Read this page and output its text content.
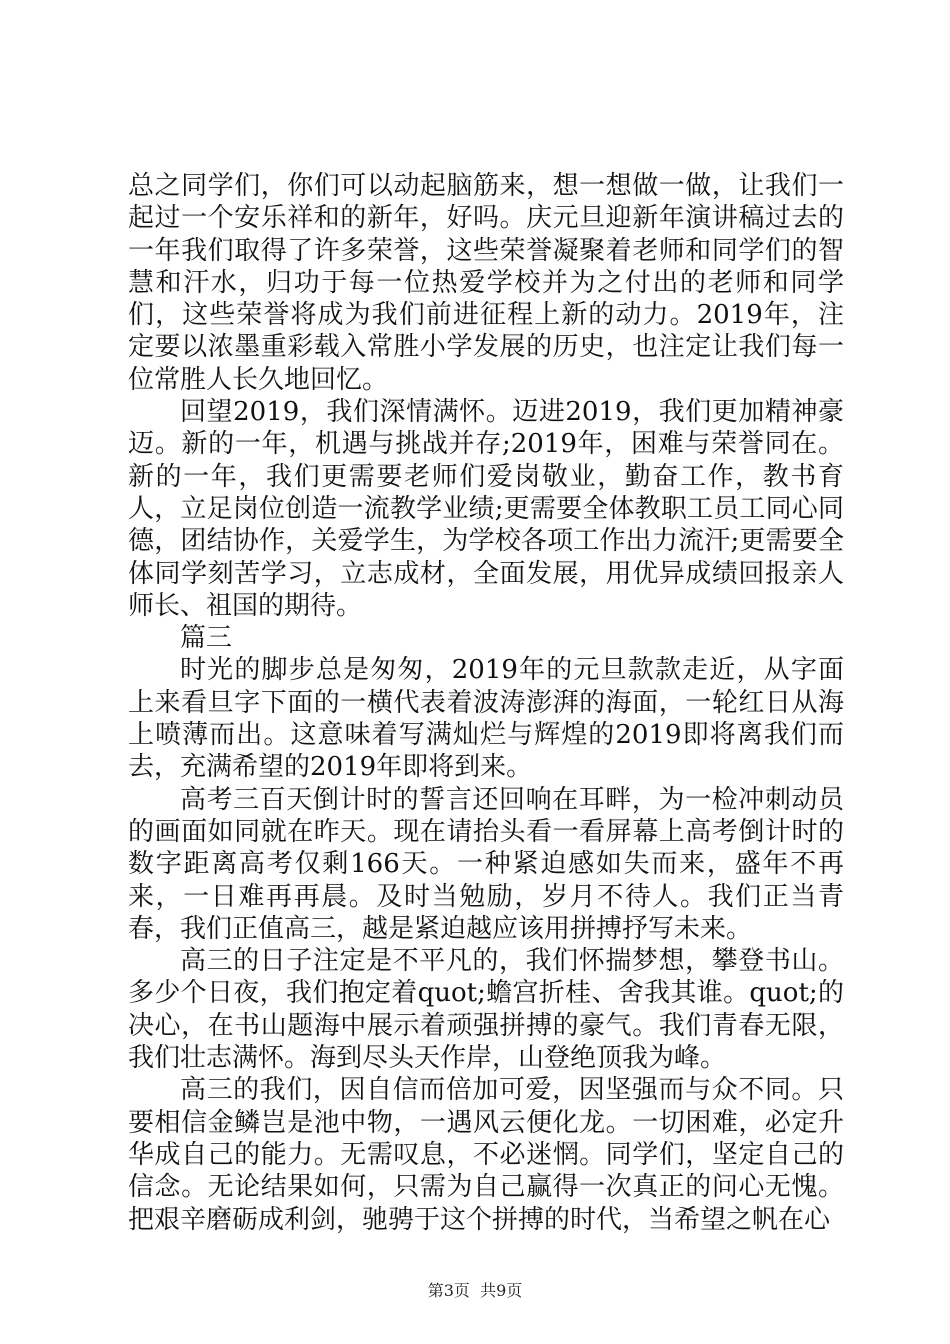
总之同学们，你们可以动起脑筋来，想一想做一做，让我们一起过一个安乐祥和的新年，好吗。庆元旦迎新年演讲稿过去的一年我们取得了许多荣誉，这些荣誉凝聚着老师和同学们的智慧和汗水，归功于每一位热爱学校并为之付出的老师和同学们，这些荣誉将成为我们前进征程上新的动力。2019年，注定要以浓墨重彩载入常胜小学发展的历史，也注定让我们每一位常胜人长久地回忆。

回望2019，我们深情满怀。迈进2019，我们更加精神豪迈。新的一年，机遇与挑战并存;2019年，困难与荣誉同在。新的一年，我们更需要老师们爱岗敬业，勤奋工作，教书育人，立足岗位创造一流教学业绩;更需要全体教职工员工同心同德，团结协作，关爱学生，为学校各项工作出力流汗;更需要全体同学刻苦学习，立志成材，全面发展，用优异成绩回报亲人师长、祖国的期待。

篇三

时光的脚步总是匆匆，2019年的元旦款款走近，从字面上来看旦字下面的一横代表着波涛澎湃的海面，一轮红日从海上喷薄而出。这意味着写满灿烂与辉煌的2019即将离我们而去，充满希望的2019年即将到来。

高考三百天倒计时的誓言还回响在耳畔，为一检冲刺动员的画面如同就在昨天。现在请抬头看一看屏幕上高考倒计时的数字距离高考仅剩166天。一种紧迫感如失而来，盛年不再来，一日难再再晨。及时当勉励，岁月不待人。我们正当青春，我们正值高三，越是紧迫越应该用拼搏抒写未来。

高三的日子注定是不平凡的，我们怀揣梦想，攀登书山。多少个日夜，我们抱定着quot;蟾宫折桂、舍我其谁。quot;的决心，在书山题海中展示着顽强拼搏的豪气。我们青春无限，我们壮志满怀。海到尽头天作岸，山登绝顶我为峰。

高三的我们，因自信而倍加可爱，因坚强而与众不同。只要相信金鳞岂是池中物，一遇风云便化龙。一切困难，必定升华成自己的能力。无需叹息，不必迷惘。同学们，坚定自己的信念。无论结果如何，只需为自己赢得一次真正的问心无愧。把艰辛磨砺成利剑，驰骋于这个拼搏的时代，当希望之帆在心

第3页  共9页
